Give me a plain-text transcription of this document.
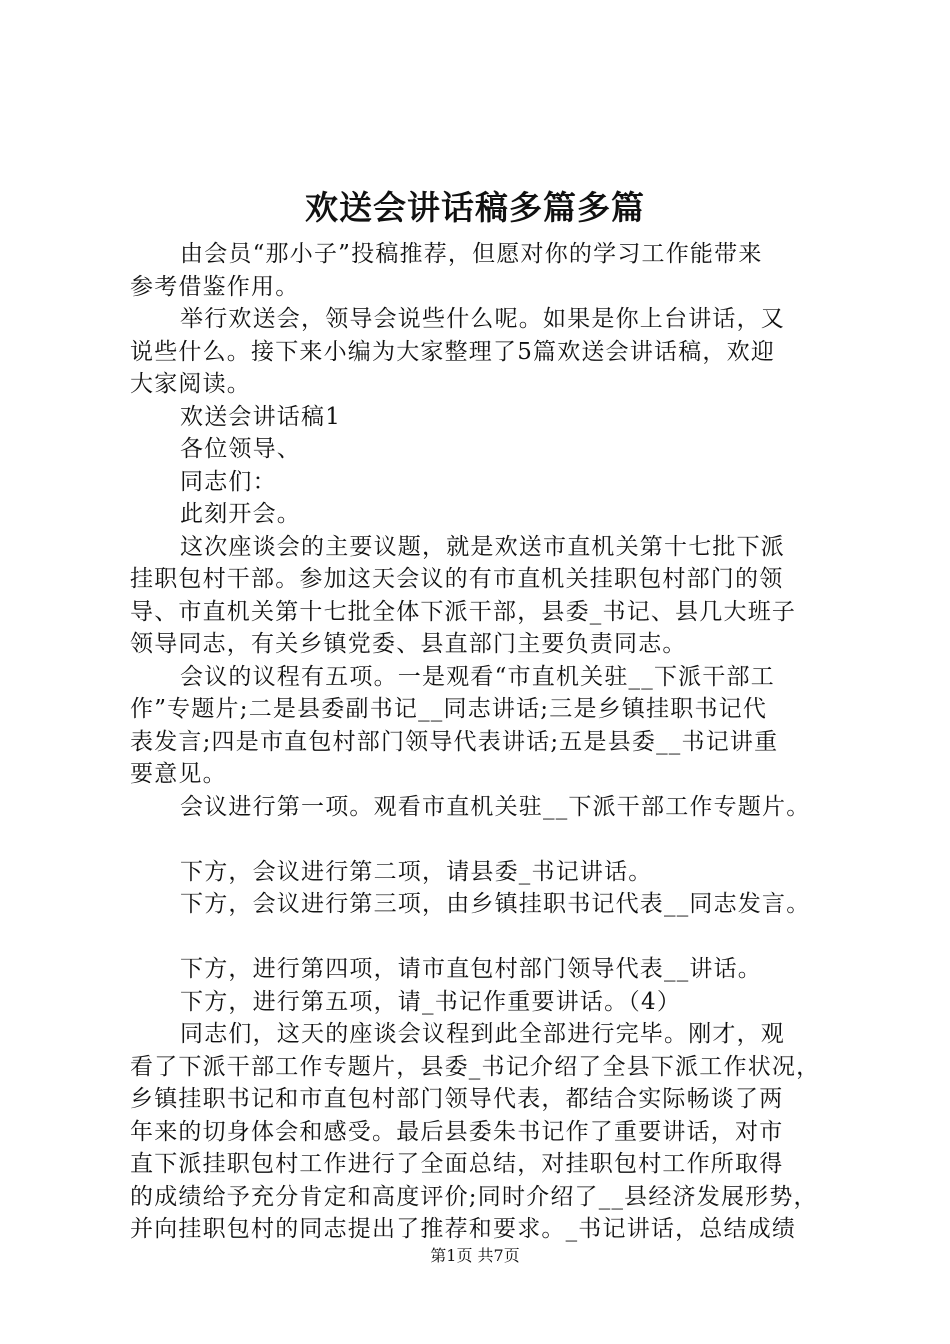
欢送会讲话稿多篇多篇
由会员“那小子”投稿推荐，但愿对你的学习工作能带来
参考借鉴作用。
举行欢送会，领导会说些什么呢。如果是你上台讲话，又
说些什么。接下来小编为大家整理了5篇欢送会讲话稿，欢迎
大家阅读。
欢送会讲话稿1
各位领导、
同志们：
此刻开会。
这次座谈会的主要议题，就是欢送市直机关第十七批下派
挂职包村干部。参加这天会议的有市直机关挂职包村部门的领
导、市直机关第十七批全体下派干部，县委_书记、县几大班子
领导同志，有关乡镇党委、县直部门主要负责同志。
会议的议程有五项。一是观看“市直机关驻__下派干部工
作”专题片;二是县委副书记__同志讲话;三是乡镇挂职书记代
表发言;四是市直包村部门领导代表讲话;五是县委__书记讲重
要意见。
会议进行第一项。观看市直机关驻__下派干部工作专题片。
下方，会议进行第二项，请县委_书记讲话。
下方，会议进行第三项，由乡镇挂职书记代表__同志发言。
下方，进行第四项，请市直包村部门领导代表__讲话。
下方，进行第五项，请_书记作重要讲话。（4）
同志们，这天的座谈会议程到此全部进行完毕。刚才，观
看了下派干部工作专题片，县委_书记介绍了全县下派工作状况，
乡镇挂职书记和市直包村部门领导代表，都结合实际畅谈了两
年来的切身体会和感受。最后县委朱书记作了重要讲话，对市
直下派挂职包村工作进行了全面总结，对挂职包村工作所取得
的成绩给予充分肯定和高度评价;同时介绍了__县经济发展形势，
并向挂职包村的同志提出了推荐和要求。_书记讲话，总结成绩
第1页 共7页
